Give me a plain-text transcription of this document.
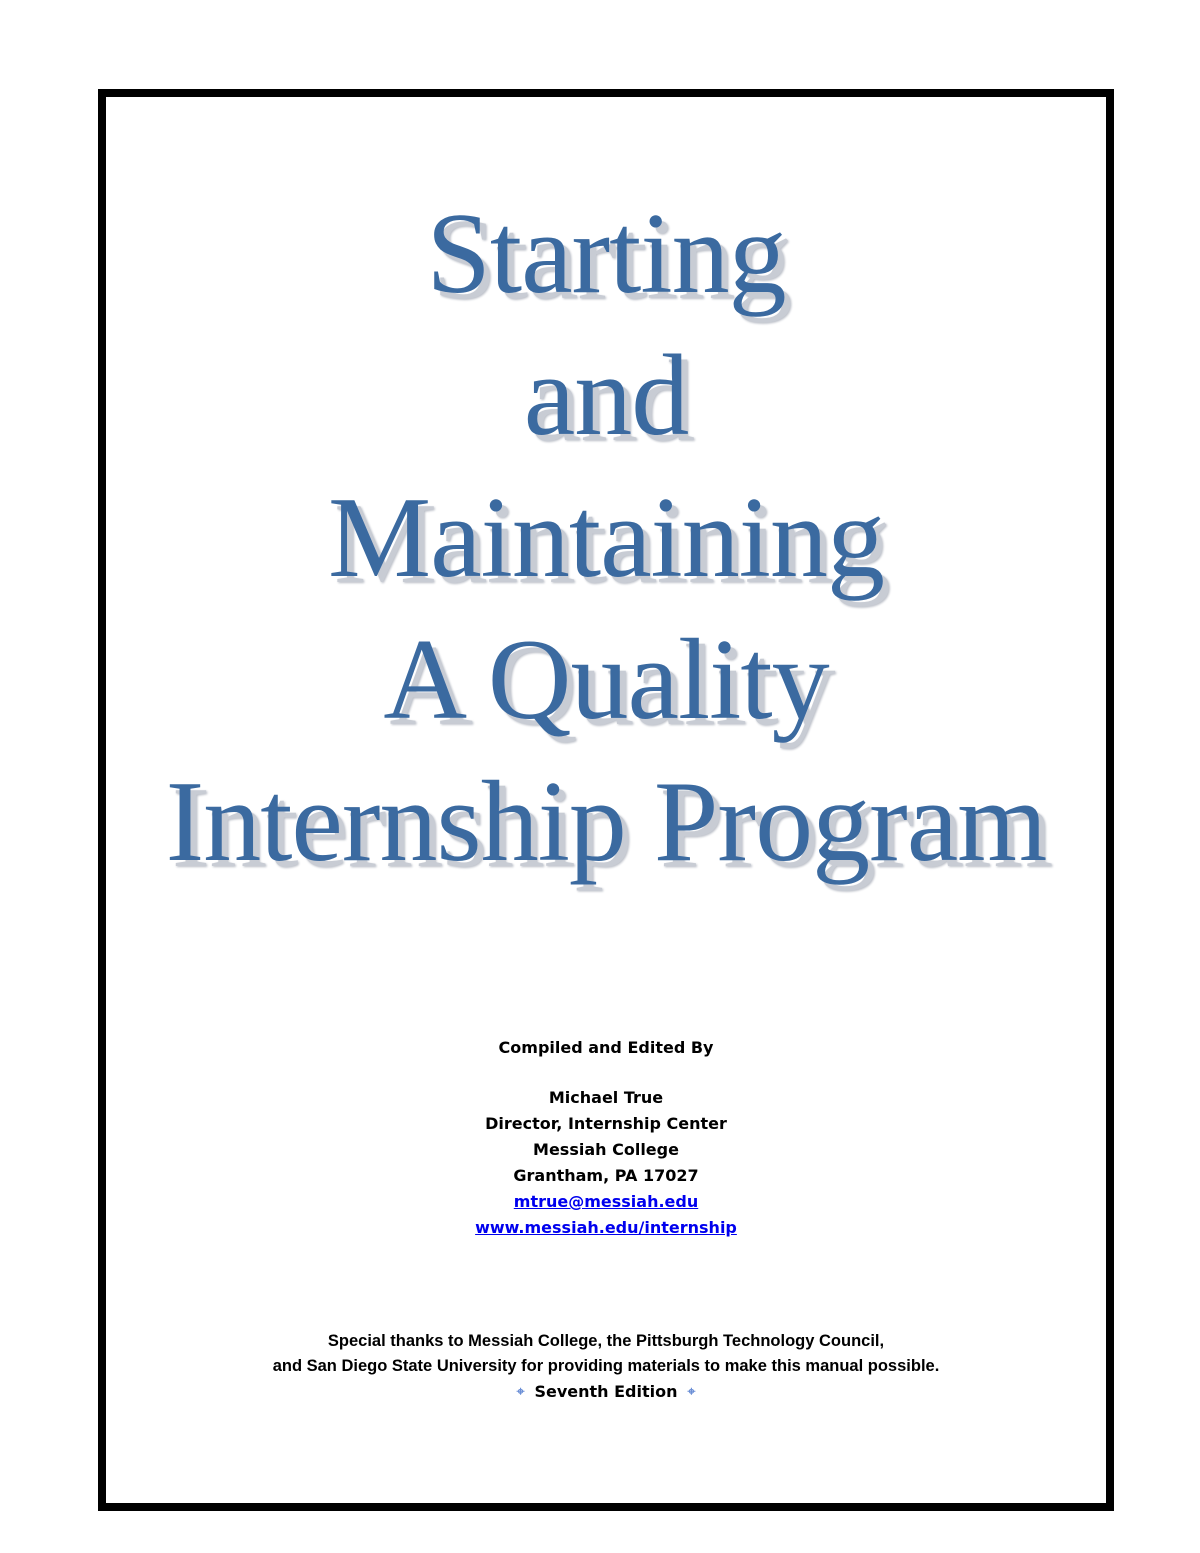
Starting
and
Maintaining
A Quality
Internship Program
Compiled and Edited By
Michael True
Director, Internship Center
Messiah College
Grantham, PA 17027
mtrue@messiah.edu
www.messiah.edu/internship
Special thanks to Messiah College, the Pittsburgh Technology Council,
and San Diego State University for providing materials to make this manual possible.
⌖ Seventh Edition ⌖
